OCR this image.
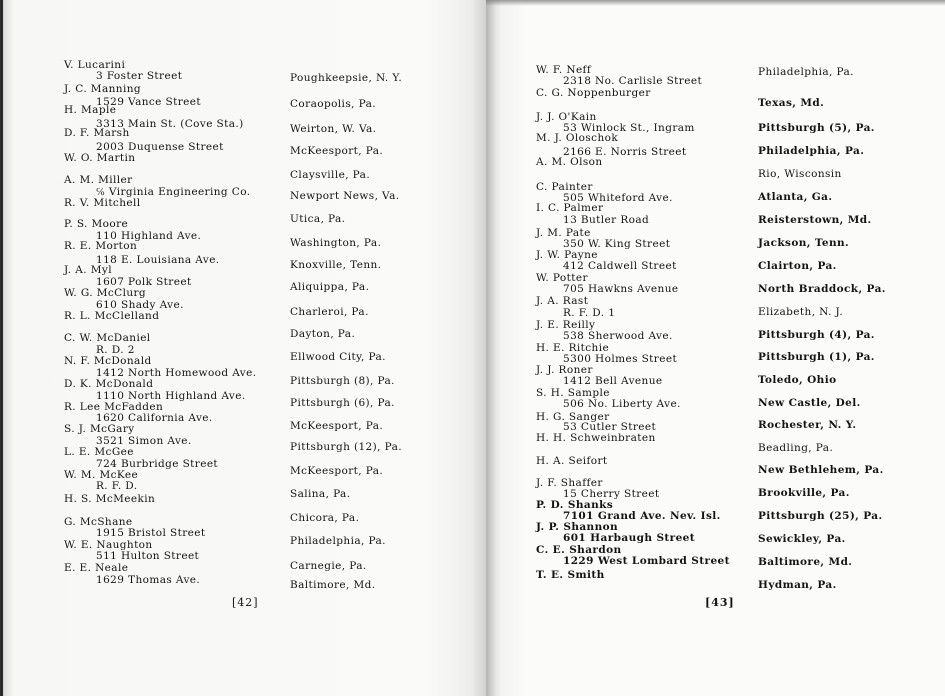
V. Lucarini
3 Foster Street
J. C. Manning
1529 Vance Street
H. Maple
3313 Main St. (Cove Sta.)
D. F. Marsh
2003 Duquense Street
W. O. Martin
A. M. Miller
℅ Virginia Engineering Co.
R. V. Mitchell
P. S. Moore
110 Highland Ave.
R. E. Morton
118 E. Louisiana Ave.
J. A. Myl
1607 Polk Street
W. G. McClurg
610 Shady Ave.
R. L. McClelland
C. W. McDaniel
R. D. 2
N. F. McDonald
1412 North Homewood Ave.
D. K. McDonald
1110 North Highland Ave.
R. Lee McFadden
1620 California Ave.
S. J. McGary
3521 Simon Ave.
L. E. McGee
724 Burbridge Street
W. M. McKee
R. F. D.
H. S. McMeekin
G. McShane
1915 Bristol Street
W. E. Naughton
511 Hulton Street
E. E. Neale
1629 Thomas Ave.
Poughkeepsie, N. Y.
Coraopolis, Pa.
Weirton, W. Va.
McKeesport, Pa.
Claysville, Pa.
Newport News, Va.
Utica, Pa.
Washington, Pa.
Knoxville, Tenn.
Aliquippa, Pa.
Charleroi, Pa.
Dayton, Pa.
Ellwood City, Pa.
Pittsburgh (8), Pa.
Pittsburgh (6), Pa.
McKeesport, Pa.
Pittsburgh (12), Pa.
McKeesport, Pa.
Salina, Pa.
Chicora, Pa.
Philadelphia, Pa.
Carnegie, Pa.
Baltimore, Md.
[42]
W. F. Neff
2318 No. Carlisle Street
C. G. Noppenburger
J. J. O'Kain
53 Winlock St., Ingram
M. J. Oloschok
2166 E. Norris Street
A. M. Olson
C. Painter
505 Whiteford Ave.
I. C. Palmer
13 Butler Road
J. M. Pate
350 W. King Street
J. W. Payne
412 Caldwell Street
W. Potter
705 Hawkns Avenue
J. A. Rast
R. F. D. 1
J. E. Reilly
538 Sherwood Ave.
H. E. Ritchie
5300 Holmes Street
J. J. Roner
1412 Bell Avenue
S. H. Sample
506 No. Liberty Ave.
H. G. Sanger
53 Cutler Street
H. H. Schweinbraten
H. A. Seifort
J. F. Shaffer
15 Cherry Street
P. D. Shanks
7101 Grand Ave. Nev. Isl.
J. P. Shannon
601 Harbaugh Street
C. E. Shardon
1229 West Lombard Street
T. E. Smith
Philadelphia, Pa.
Texas, Md.
Pittsburgh (5), Pa.
Philadelphia, Pa.
Rio, Wisconsin
Atlanta, Ga.
Reisterstown, Md.
Jackson, Tenn.
Clairton, Pa.
North Braddock, Pa.
Elizabeth, N. J.
Pittsburgh (4), Pa.
Pittsburgh (1), Pa.
Toledo, Ohio
New Castle, Del.
Rochester, N. Y.
Beadling, Pa.
New Bethlehem, Pa.
Brookville, Pa.
Pittsburgh (25), Pa.
Sewickley, Pa.
Baltimore, Md.
Hydman, Pa.
[43]
